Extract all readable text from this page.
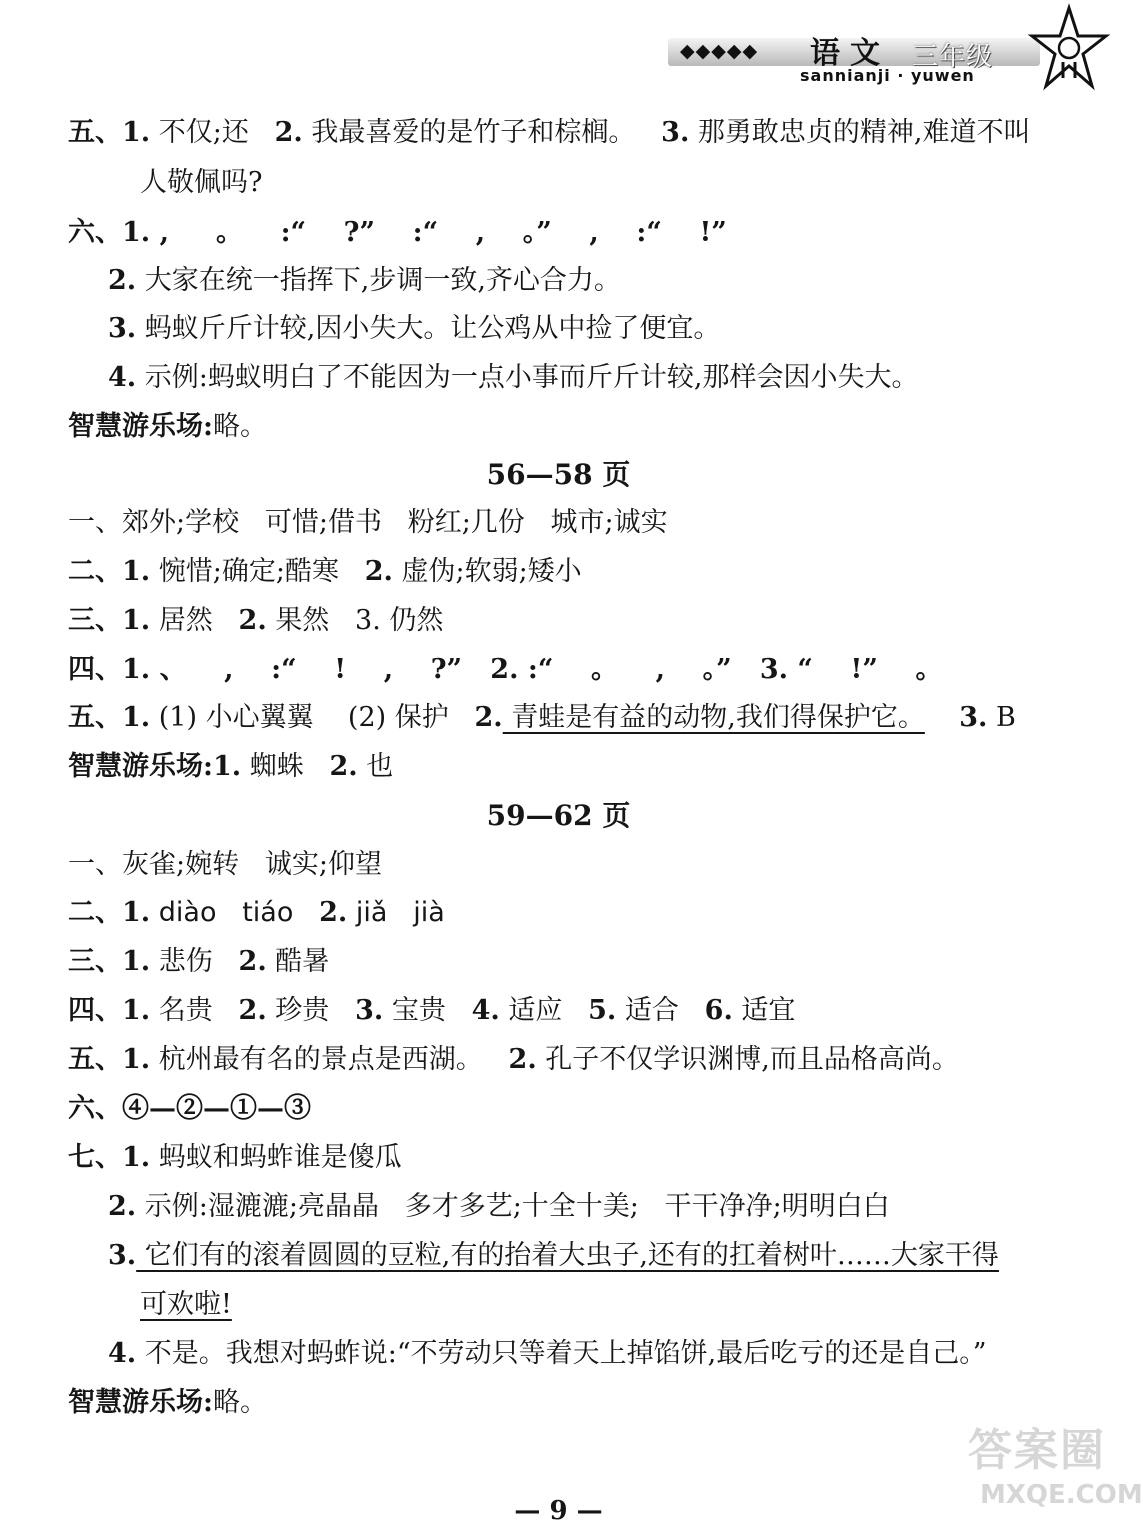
◆◆◆◆◆ 语文 三年级
sannianji · yuwen

五、1. 不仅;还   2. 我最喜爱的是竹子和棕榈。   3. 那勇敢忠贞的精神,难道不叫

人敬佩吗?

六、1. ,     。    :“    ?”    :“    ,    。”    ,    :“    !”

2. 大家在统一指挥下,步调一致,齐心合力。

3. 蚂蚁斤斤计较,因小失大。让公鸡从中捡了便宜。

4. 示例:蚂蚁明白了不能因为一点小事而斤斤计较,那样会因小失大。

智慧游乐场:略。

56—58 页

一、郊外;学校   可惜;借书   粉红;几份   城市;诚实

二、1. 惋惜;确定;酷寒   2. 虚伪;软弱;矮小

三、1. 居然   2. 果然   3. 仍然

四、1. 、    ,    :“    !    ,    ?”   2. :“    。    ,    。”   3. “    !”    。

五、1. (1) 小心翼翼    (2) 保护   2. 青蛙是有益的动物,我们得保护它。 3. B

智慧游乐场:1. 蜘蛛   2. 也

59—62 页

一、灰雀;婉转   诚实;仰望

二、1. diào   tiáo   2. jiǎ   jià

三、1. 悲伤   2. 酷暑

四、1. 名贵   2. 珍贵   3. 宝贵   4. 适应   5. 适合   6. 适宜

五、1. 杭州最有名的景点是西湖。   2. 孔子不仅学识渊博,而且品格高尚。

六、④—②—①—③

七、1. 蚂蚁和蚂蚱谁是傻瓜

2. 示例:湿漉漉;亮晶晶   多才多艺;十全十美;   干干净净;明明白白

3. 它们有的滚着圆圆的豆粒,有的抬着大虫子,还有的扛着树叶……大家干得

可欢啦!

4. 不是。我想对蚂蚱说:“不劳动只等着天上掉馅饼,最后吃亏的还是自己。”

智慧游乐场:略。

答案圈
MXQE.COM
— 9 —
